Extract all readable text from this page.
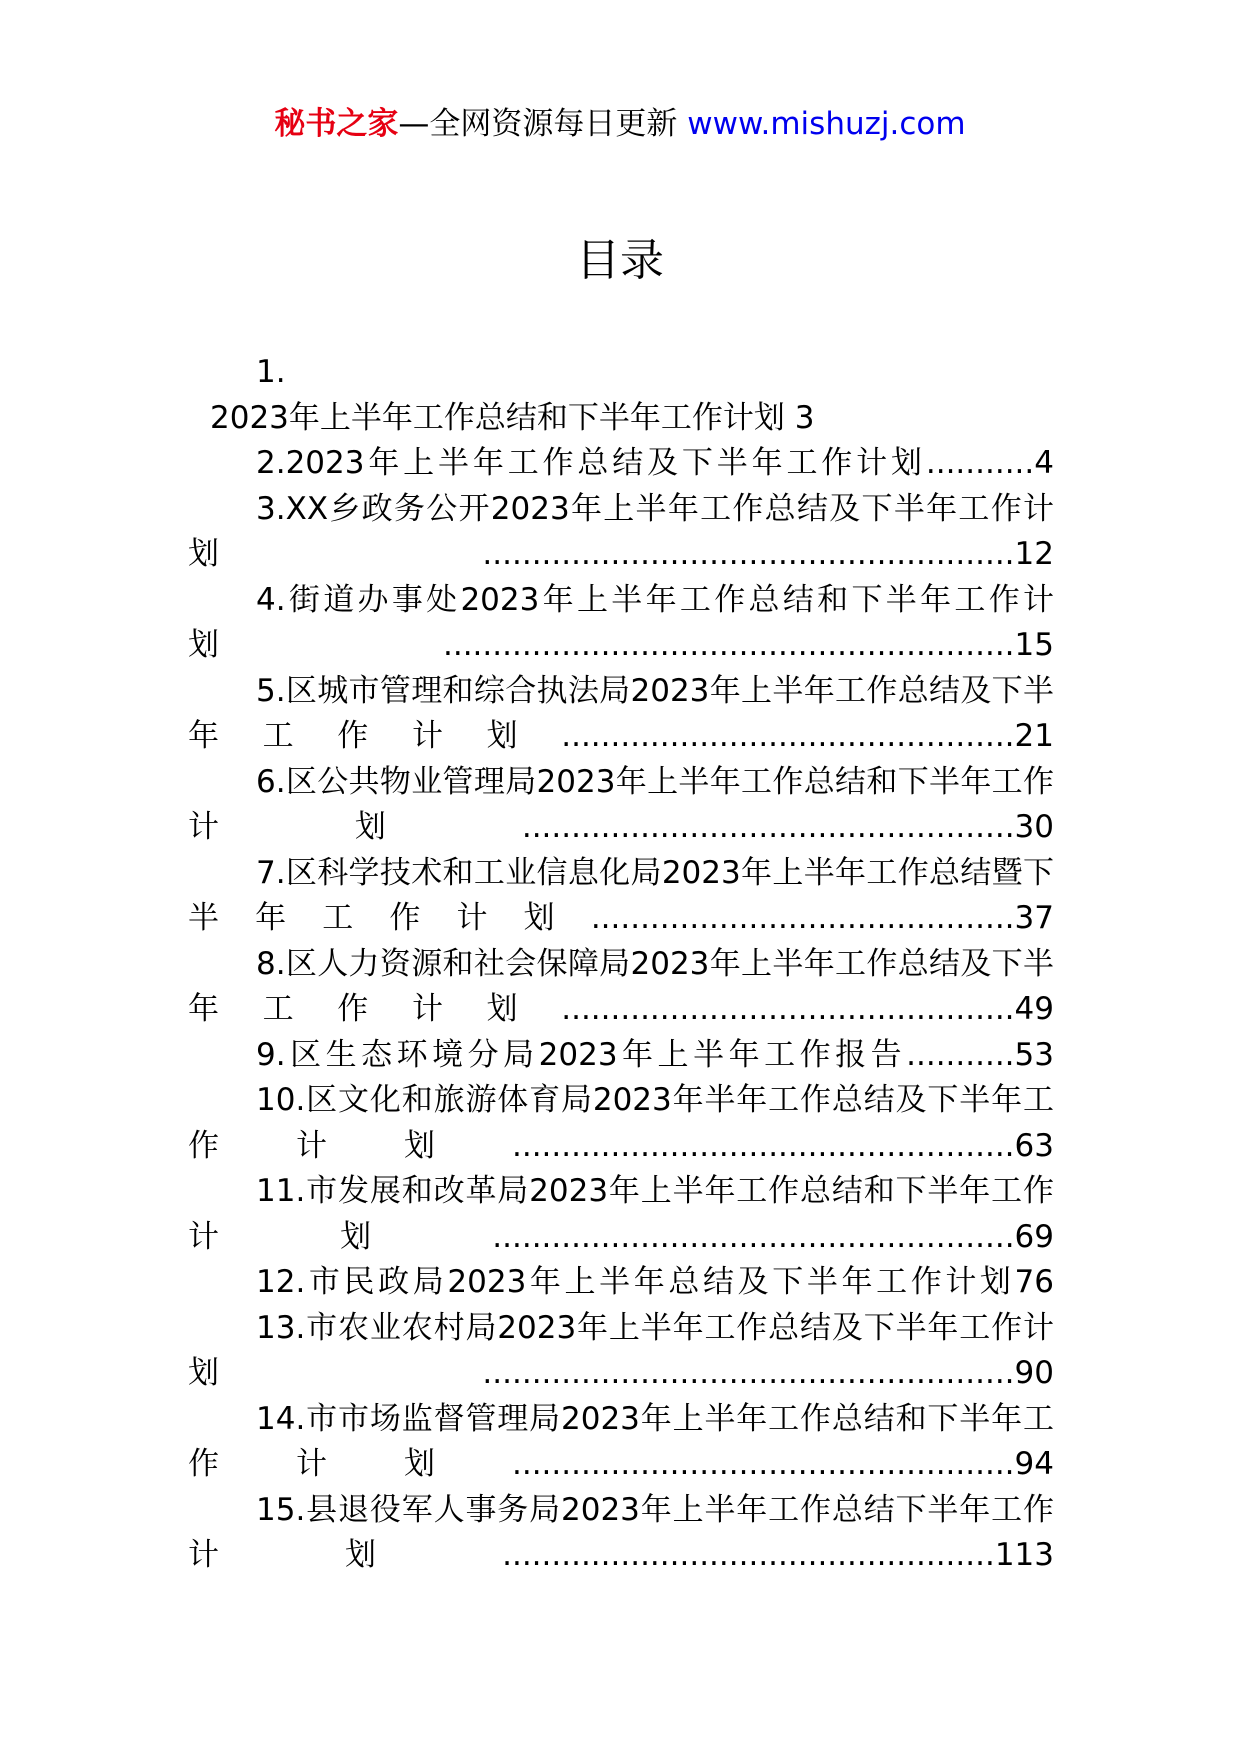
秘书之家—全网资源每日更新 www.mishuzj.com
目录
1.
2023年上半年工作总结和下半年工作计划 3
2.2023年上半年工作总结及下半年工作计划...........4
3.XX乡政务公开2023年上半年工作总结及下半年工作计划......................................................12
4.街道办事处2023年上半年工作总结和下半年工作计划..........................................................15
5.区城市管理和综合执法局2023年上半年工作总结及下半年工作计划..............................................21
6.区公共物业管理局2023年上半年工作总结和下半年工作计划..................................................30
7.区科学技术和工业信息化局2023年上半年工作总结暨下半年工作计划...........................................37
8.区人力资源和社会保障局2023年上半年工作总结及下半年工作计划..............................................49
9.区生态环境分局2023年上半年工作报告...........53
10.区文化和旅游体育局2023年半年工作总结及下半年工作计划...................................................63
11.市发展和改革局2023年上半年工作总结和下半年工作计划.....................................................69
12.市民政局2023年上半年总结及下半年工作计划76
13.市农业农村局2023年上半年工作总结及下半年工作计划......................................................90
14.市市场监督管理局2023年上半年工作总结和下半年工作计划...................................................94
15.县退役军人事务局2023年上半年工作总结下半年工作计划..................................................113
